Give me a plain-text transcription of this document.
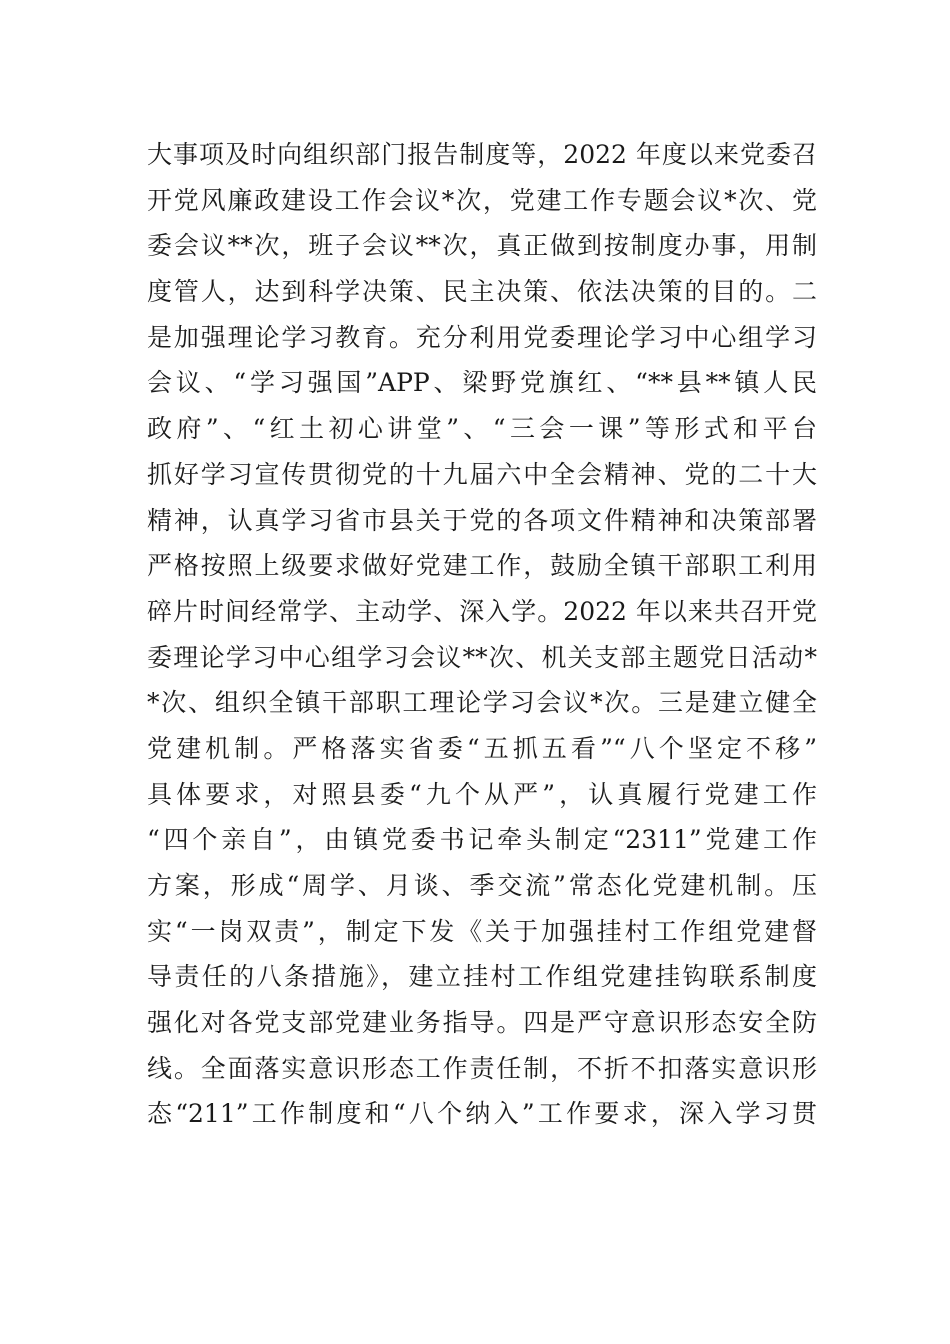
大事项及时向组织部门报告制度等，2022 年度以来党委召
开党风廉政建设工作会议*次，党建工作专题会议*次、党
委会议**次，班子会议**次，真正做到按制度办事，用制
度管人，达到科学决策、民主决策、依法决策的目的。二
是加强理论学习教育。充分利用党委理论学习中心组学习
会议、“学习强国”APP、梁野党旗红、“**县**镇人民
政府”、“红土初心讲堂”、“三会一课”等形式和平台
抓好学习宣传贯彻党的十九届六中全会精神、党的二十大
精神，认真学习省市县关于党的各项文件精神和决策部署
严格按照上级要求做好党建工作，鼓励全镇干部职工利用
碎片时间经常学、主动学、深入学。2022 年以来共召开党
委理论学习中心组学习会议**次、机关支部主题党日活动*
*次、组织全镇干部职工理论学习会议*次。三是建立健全
党建机制。严格落实省委“五抓五看”“八个坚定不移”
具体要求，对照县委“九个从严”，认真履行党建工作
“四个亲自”，由镇党委书记牵头制定“2311”党建工作
方案，形成“周学、月谈、季交流”常态化党建机制。压
实“一岗双责”，制定下发《关于加强挂村工作组党建督
导责任的八条措施》，建立挂村工作组党建挂钩联系制度
强化对各党支部党建业务指导。四是严守意识形态安全防
线。全面落实意识形态工作责任制，不折不扣落实意识形
态“211”工作制度和“八个纳入”工作要求，深入学习贯
